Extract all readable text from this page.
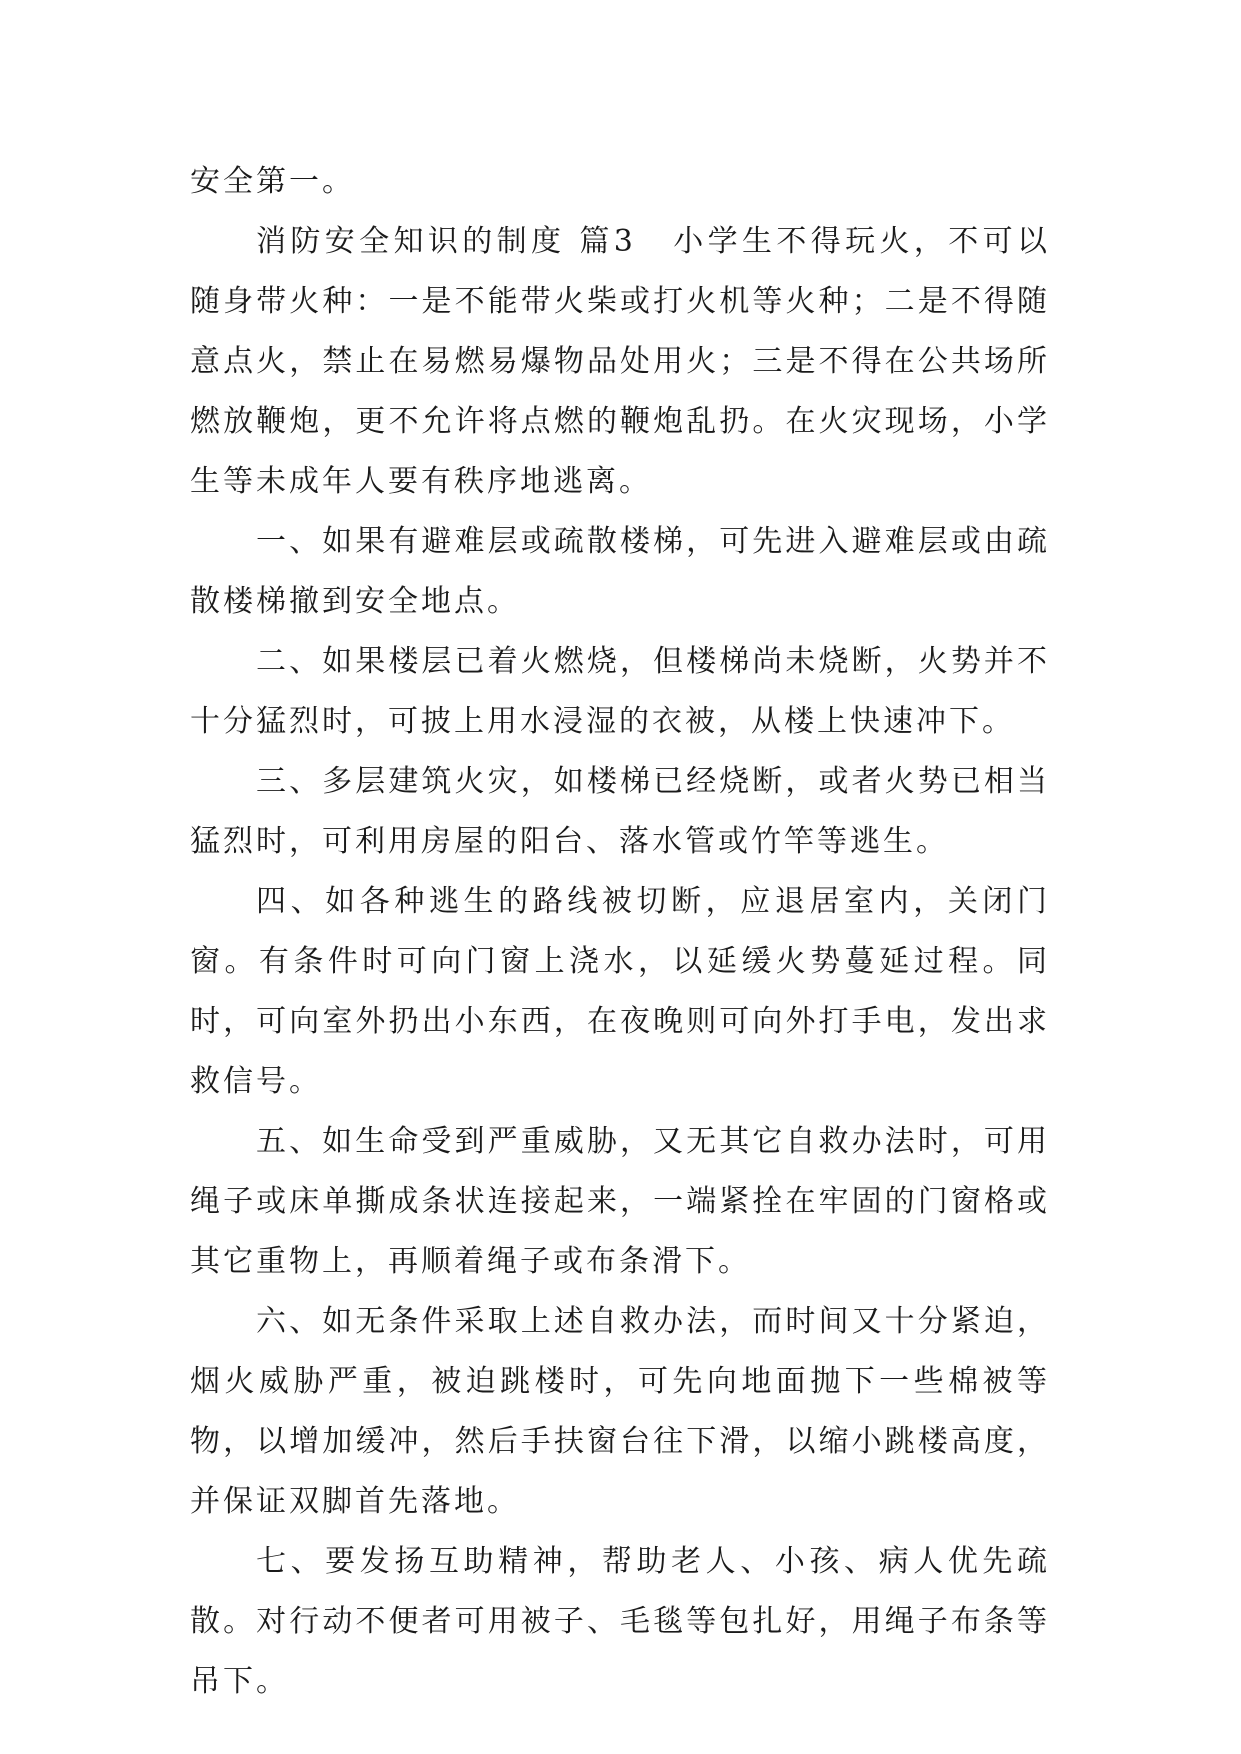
安全第一。

消防安全知识的制度 篇3 小学生不得玩火，不可以随身带火种：一是不能带火柴或打火机等火种；二是不得随意点火，禁止在易燃易爆物品处用火；三是不得在公共场所燃放鞭炮，更不允许将点燃的鞭炮乱扔。在火灾现场，小学生等未成年人要有秩序地逃离。

一、如果有避难层或疏散楼梯，可先进入避难层或由疏散楼梯撤到安全地点。

二、如果楼层已着火燃烧，但楼梯尚未烧断，火势并不十分猛烈时，可披上用水浸湿的衣被，从楼上快速冲下。

三、多层建筑火灾，如楼梯已经烧断，或者火势已相当猛烈时，可利用房屋的阳台、落水管或竹竿等逃生。

四、如各种逃生的路线被切断，应退居室内，关闭门窗。有条件时可向门窗上浇水，以延缓火势蔓延过程。同时，可向室外扔出小东西，在夜晚则可向外打手电，发出求救信号。

五、如生命受到严重威胁，又无其它自救办法时，可用绳子或床单撕成条状连接起来，一端紧拴在牢固的门窗格或其它重物上，再顺着绳子或布条滑下。

六、如无条件采取上述自救办法，而时间又十分紧迫，烟火威胁严重，被迫跳楼时，可先向地面抛下一些棉被等物，以增加缓冲，然后手扶窗台往下滑，以缩小跳楼高度，并保证双脚首先落地。

七、要发扬互助精神，帮助老人、小孩、病人优先疏散。对行动不便者可用被子、毛毯等包扎好，用绳子布条等吊下。
